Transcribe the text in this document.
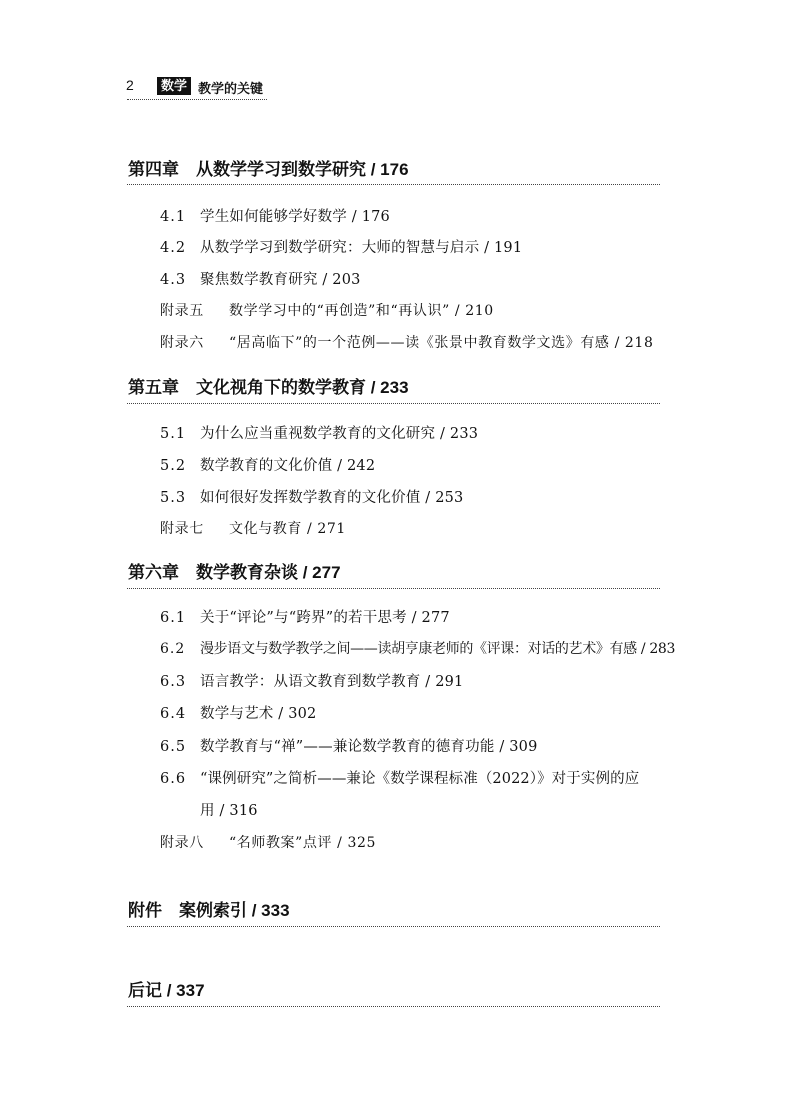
2	数学 教学的关键
第四章　从数学学习到数学研究 / 176
4.1 学生如何能够学好数学 / 176
4.2 从数学学习到数学研究：大师的智慧与启示 / 191
4.3 聚焦数学教育研究 / 203
附录五 数学学习中的“再创造”和“再认识” / 210
附录六 “居高临下”的一个范例——读《张景中教育数学文选》有感 / 218
第五章　文化视角下的数学教育 / 233
5.1 为什么应当重视数学教育的文化研究 / 233
5.2 数学教育的文化价值 / 242
5.3 如何很好发挥数学教育的文化价值 / 253
附录七 文化与教育 / 271
第六章　数学教育杂谈 / 277
6.1 关于“评论”与“跨界”的若干思考 / 277
6.2 漫步语文与数学教学之间——读胡亨康老师的《评课：对话的艺术》有感 / 283
6.3 语言教学：从语文教育到数学教育 / 291
6.4 数学与艺术 / 302
6.5 数学教育与“禅”——兼论数学教育的德育功能 / 309
6.6 “课例研究”之简析——兼论《数学课程标准（2022）》对于实例的应
用 / 316
附录八 “名师教案”点评 / 325
附件　案例索引 / 333
后记 / 337
